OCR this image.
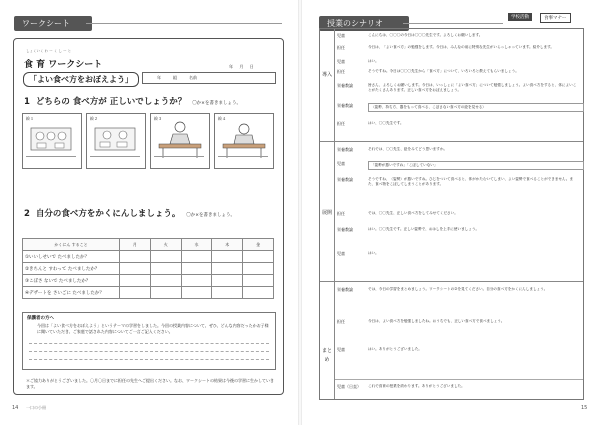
ワークシート
しょくいく わ ー く し ー と
食 育 ワークシート	年 月 日
「よい食べ方をおぼえよう」	年	組	名前
1 どちらの 食べ方が 正しいでしょうか？ 〇か×を書きましょう。
絵１	絵２	絵３	絵４
2 自分の食べ方をかくにんしましょう。 〇か×を書きましょう。
かくにん すること	月	火	水	木	金
①いいしせいで たべましたか？					
②きちんと すわって たべましたか？					
③こぼさ ないで たべましたか？					
④デザートを さいごに たべましたか？					
保護者の方へ
今回は「よい食べ方をおぼえよう」というテーマの学習をしました。今回の授業内容について、ぜひ、どんな内容だったかお子様に聞いていただき、ご家庭で話された内容についてご一言ご記入ください。
＊ご協力ありがとうございました。〇月〇日までに担任の先生へご提出ください。なお、ワークシートの結果は今後の学習に生かしていきます。
14 一口の小冊
授業のシナリオ
学校活動	食事マナー
導入
展開
まとめ
児童	こんにちは、〇〇〇の今日は〇〇〇先生です。よろしくお願いします。
担任	今日は、「よい食べ方」の勉強をします。今日は、みんなの前に特別な先生がいらっしゃっています。紹介します。
児童	はい。
担任	そうですね。今日は〇〇〇先生から「食べ方」について、いろいろと教えてもらいましょう。
栄養教諭	皆さん、よろしくお願いします。今日は、いっしょに「よい食べ方」について勉強しましょう。よい食べ方をすると、体によいことがたくさんあります。正しい食べ方をおぼえましょう。
栄養教諭	〈姿勢、持ち方、器をもって食べる、こぼさない食べ方の絵を見せる〉
担任	はい、〇〇先生です。
栄養教諭	それでは、〇〇先生、絵をみてどう思いますか。
児童	「姿勢が悪いですね」「こぼしていない」
栄養教諭	そうですね、〈姿勢〉が悪いですね。ひじをついて食べると、体がかたむいてしまい、よい姿勢で食べることができません。また、食べ物をこぼしてしまうことがあります。
担任	では、〇〇先生、正しい食べ方をしてみせてください。
栄養教諭	はい。〇〇先生です。正しい姿勢で、おはしを上手に使いましょう。
児童	はい。
栄養教諭	では、今日の学習をまとめましょう。ワークシートの②を見てください。自分の食べ方をかくにんしましょう。
担任	今日は、よい食べ方を勉強しましたね。おうちでも、正しい食べ方で食べましょう。
児童	はい。ありがとうございました。
児童（日直）	これで食育の授業を終わります。ありがとうございました。
15
